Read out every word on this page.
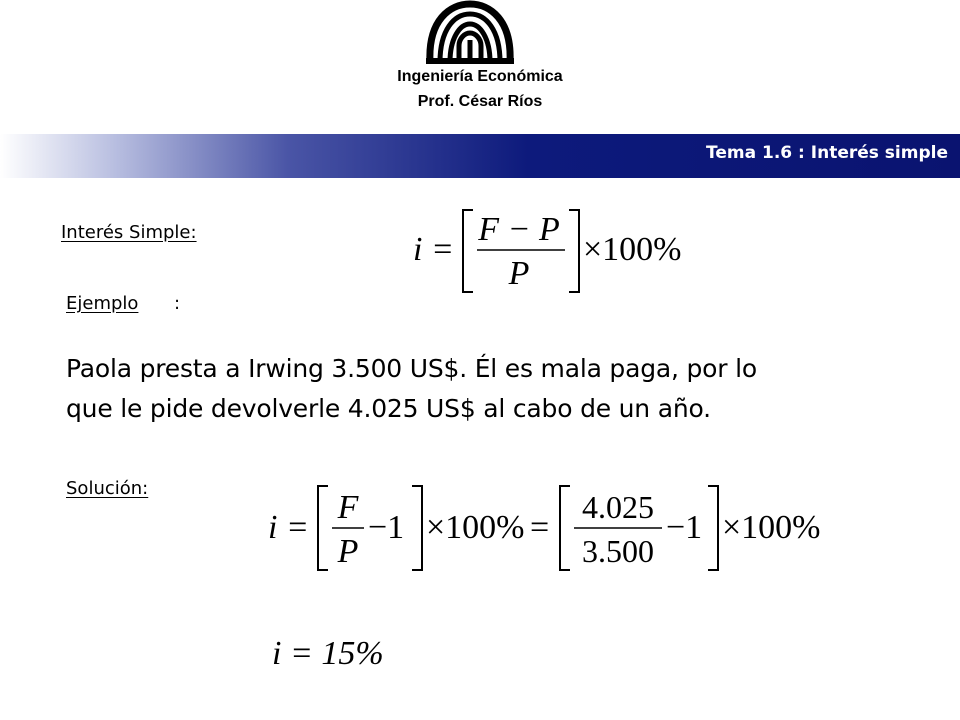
Ingeniería Económica
Prof. César Ríos
Tema 1.6 : Interés simple
Interés Simple:	i =
F − P
P
×100%
Ejemplo :
Paola presta a Irwing 3.500 US$. Él es mala paga, por lo
que le pide devolverle 4.025 US$ al cabo de un año.
Solución:
i =
F
P
−1 ×100% =
4.025
3.500
−1 ×100%
i = 15%
